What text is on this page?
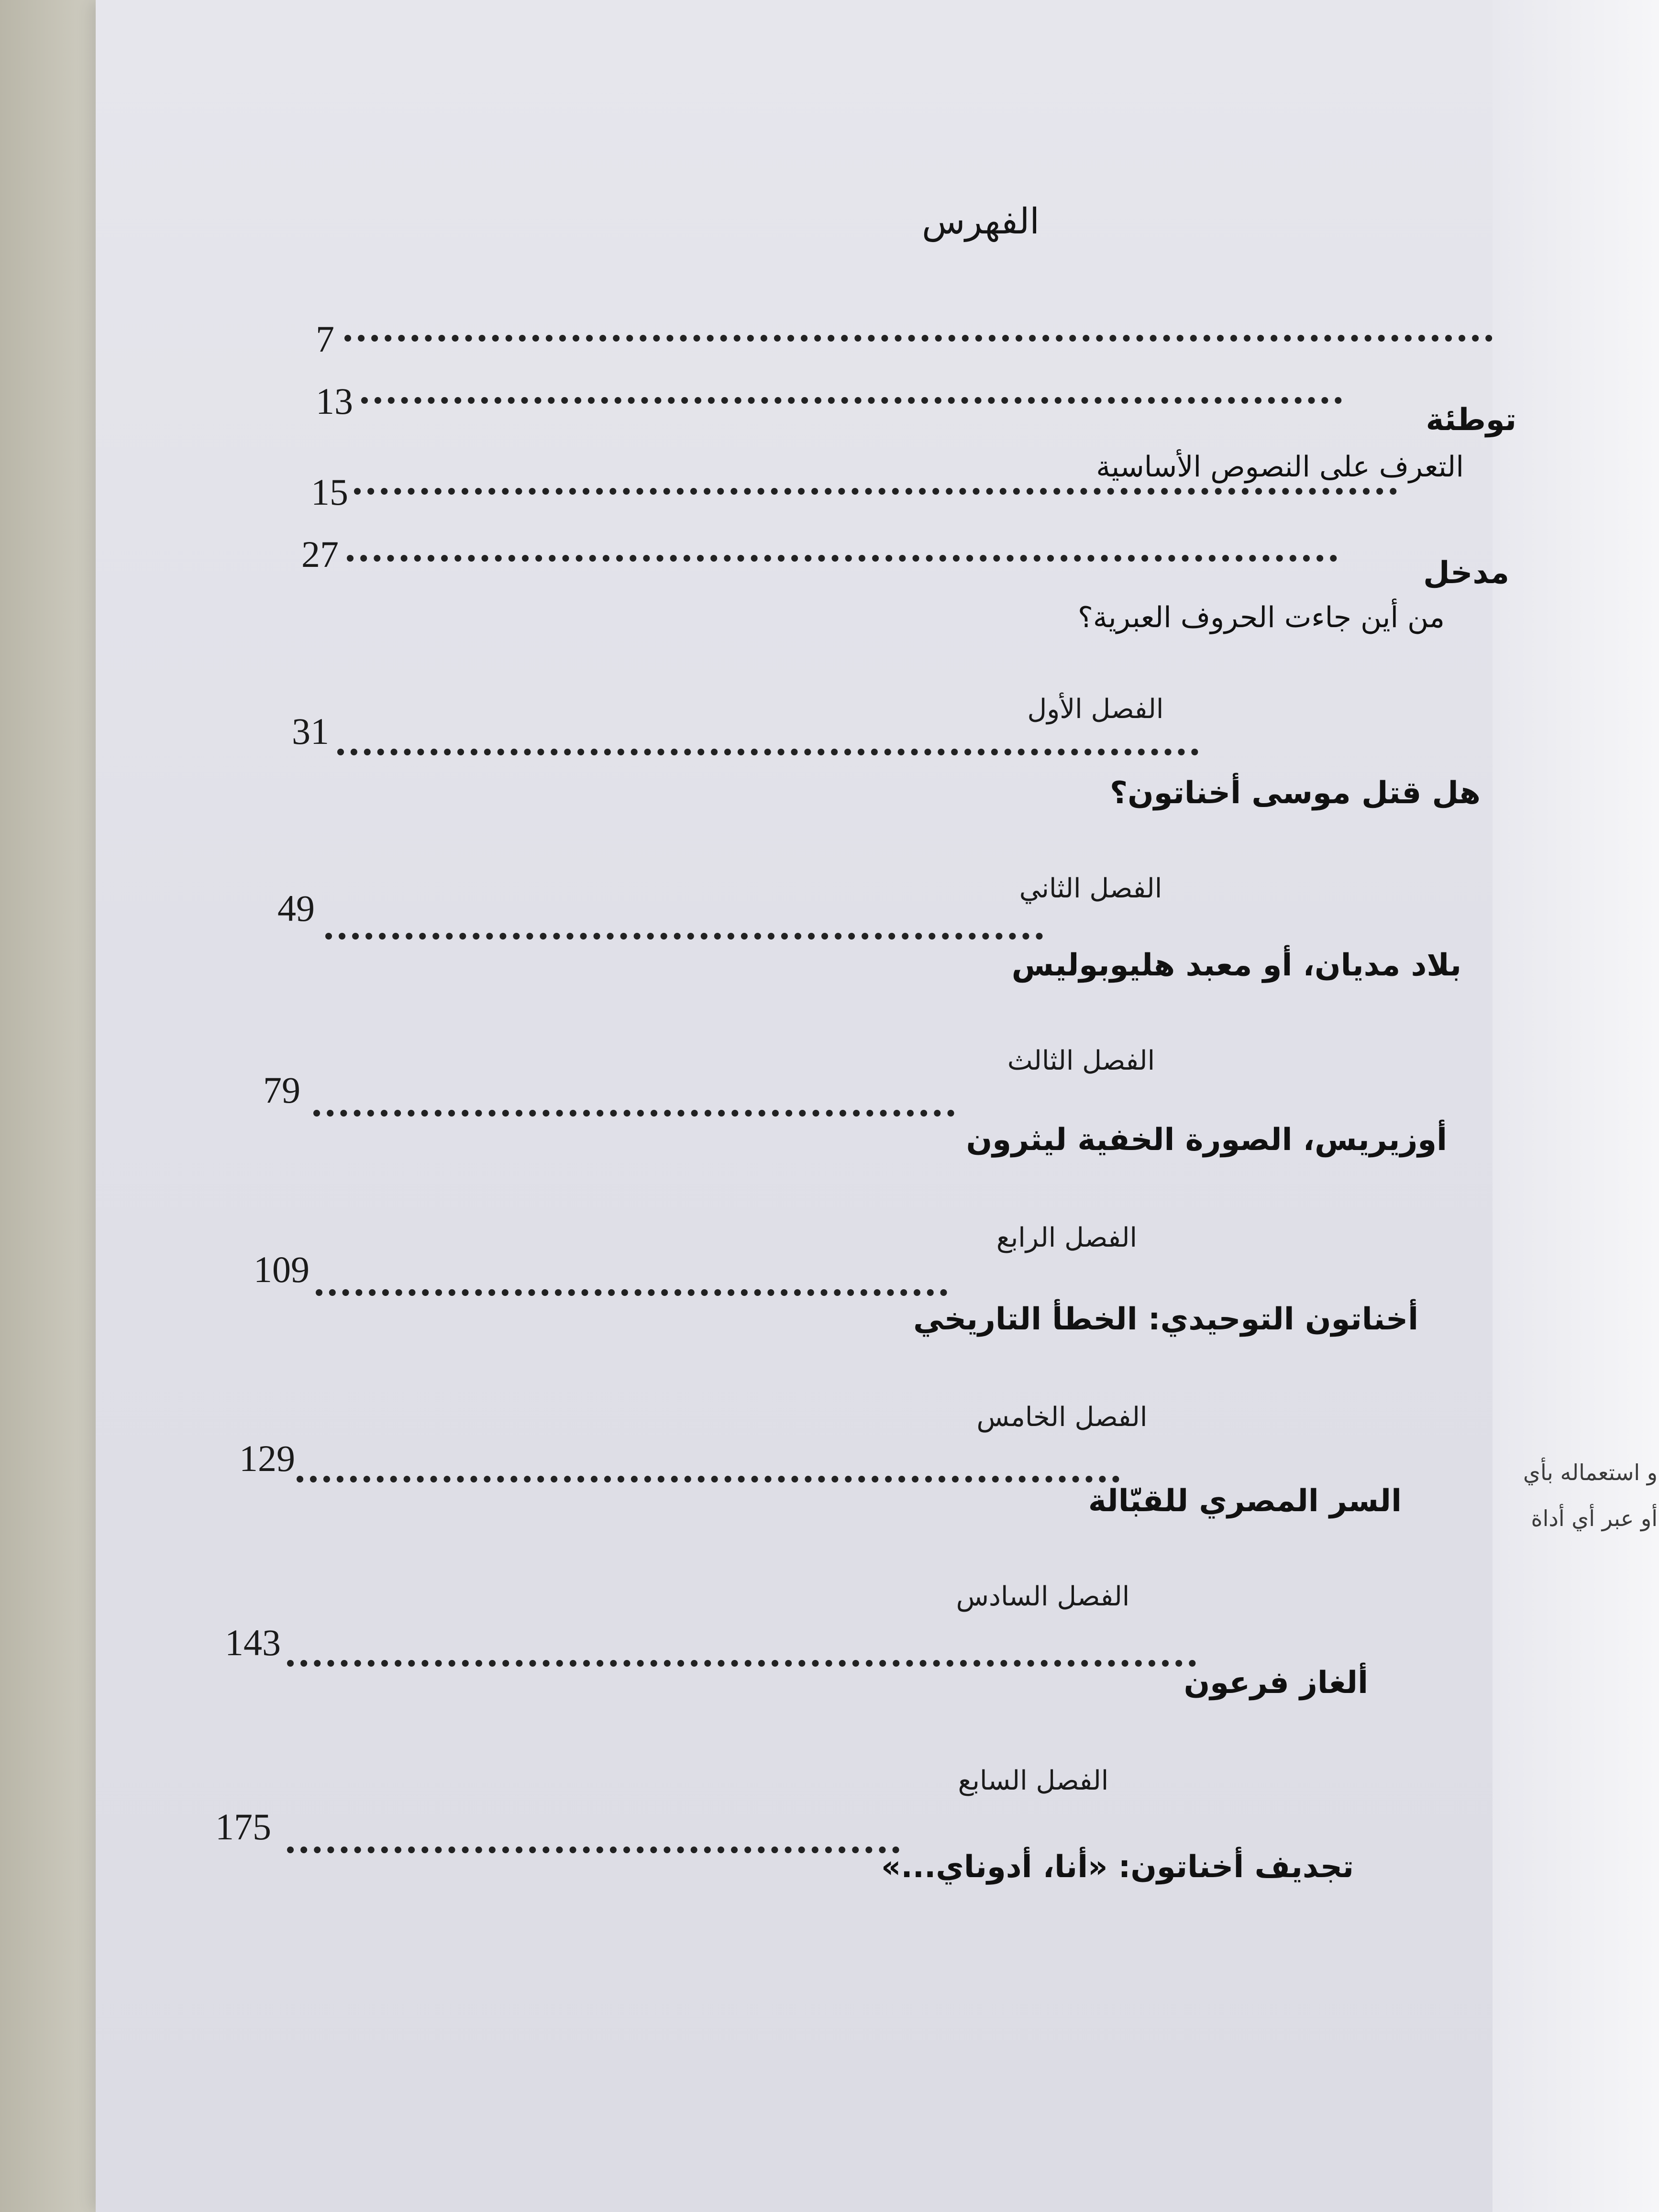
و استعماله بأي
أو عبر أي أداة
الفهرس
7
توطئة
13
التعرف على النصوص الأساسية
15
مدخل
27
من أين جاءت الحروف العبرية؟
الفصل الأول
31
هل قتل موسى أخناتون؟
الفصل الثاني
49
بلاد مديان، أو معبد هليوبوليس
الفصل الثالث
79
أوزيريس، الصورة الخفية ليثرون
الفصل الرابع
109
أخناتون التوحيدي: الخطأ التاريخي
الفصل الخامس
129
السر المصري للقبّالة
الفصل السادس
143
ألغاز فرعون
الفصل السابع
175
تجديف أخناتون: «أنا، أدوناي...»
